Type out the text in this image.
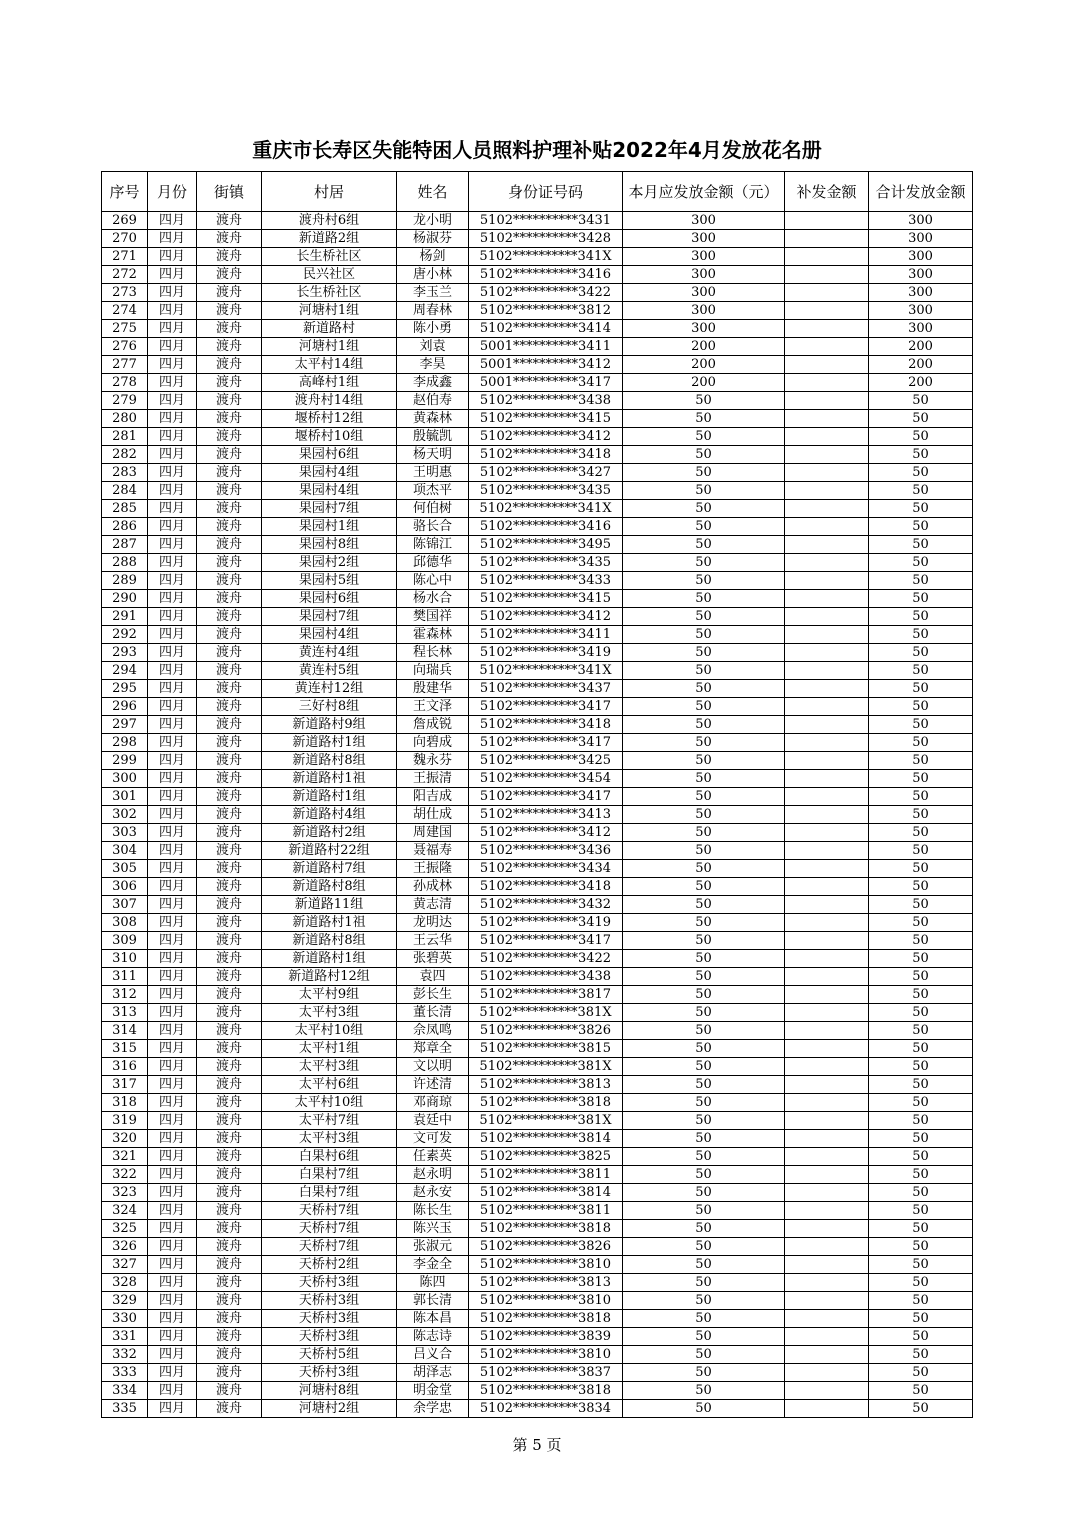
重庆市长寿区失能特困人员照料护理补贴2022年4月发放花名册
序号	月份	街镇	村居	姓名	身份证号码	本月应发放金额（元）	补发金额	合计发放金额
269	四月	渡舟	渡舟村6组	龙小明	5102**********3431	300		300
270	四月	渡舟	新道路2组	杨淑芬	5102**********3428	300		300
271	四月	渡舟	长生桥社区	杨剑	5102**********341X	300		300
272	四月	渡舟	民兴社区	唐小林	5102**********3416	300		300
273	四月	渡舟	长生桥社区	李玉兰	5102**********3422	300		300
274	四月	渡舟	河塘村1组	周春林	5102**********3812	300		300
275	四月	渡舟	新道路村	陈小勇	5102**********3414	300		300
276	四月	渡舟	河塘村1组	刘袁	5001**********3411	200		200
277	四月	渡舟	太平村14组	李昊	5001**********3412	200		200
278	四月	渡舟	高峰村1组	李成鑫	5001**********3417	200		200
279	四月	渡舟	渡舟村14组	赵伯寿	5102**********3438	50		50
280	四月	渡舟	堰桥村12组	黄森林	5102**********3415	50		50
281	四月	渡舟	堰桥村10组	殷毓凯	5102**********3412	50		50
282	四月	渡舟	果园村6组	杨天明	5102**********3418	50		50
283	四月	渡舟	果园村4组	王明惠	5102**********3427	50		50
284	四月	渡舟	果园村4组	项杰平	5102**********3435	50		50
285	四月	渡舟	果园村7组	何伯树	5102**********341X	50		50
286	四月	渡舟	果园村1组	骆长合	5102**********3416	50		50
287	四月	渡舟	果园村8组	陈锦江	5102**********3495	50		50
288	四月	渡舟	果园村2组	邱德华	5102**********3435	50		50
289	四月	渡舟	果园村5组	陈心中	5102**********3433	50		50
290	四月	渡舟	果园村6组	杨水合	5102**********3415	50		50
291	四月	渡舟	果园村7组	樊国祥	5102**********3412	50		50
292	四月	渡舟	果园村4组	霍森林	5102**********3411	50		50
293	四月	渡舟	黄连村4组	程长林	5102**********3419	50		50
294	四月	渡舟	黄连村5组	向瑞兵	5102**********341X	50		50
295	四月	渡舟	黄连村12组	殷建华	5102**********3437	50		50
296	四月	渡舟	三好村8组	王文泽	5102**********3417	50		50
297	四月	渡舟	新道路村9组	詹成锐	5102**********3418	50		50
298	四月	渡舟	新道路村1组	向碧成	5102**********3417	50		50
299	四月	渡舟	新道路村8组	魏永芬	5102**********3425	50		50
300	四月	渡舟	新道路村1祖	王振清	5102**********3454	50		50
301	四月	渡舟	新道路村1组	阳吉成	5102**********3417	50		50
302	四月	渡舟	新道路村4组	胡仕成	5102**********3413	50		50
303	四月	渡舟	新道路村2组	周建国	5102**********3412	50		50
304	四月	渡舟	新道路村22组	聂福寿	5102**********3436	50		50
305	四月	渡舟	新道路村7组	王振隆	5102**********3434	50		50
306	四月	渡舟	新道路村8组	孙成林	5102**********3418	50		50
307	四月	渡舟	新道路11组	黄志清	5102**********3432	50		50
308	四月	渡舟	新道路村1祖	龙明达	5102**********3419	50		50
309	四月	渡舟	新道路村8组	王云华	5102**********3417	50		50
310	四月	渡舟	新道路村1组	张碧英	5102**********3422	50		50
311	四月	渡舟	新道路村12组	袁四	5102**********3438	50		50
312	四月	渡舟	太平村9组	彭长生	5102**********3817	50		50
313	四月	渡舟	太平村3组	董长清	5102**********381X	50		50
314	四月	渡舟	太平村10组	佘凤鸣	5102**********3826	50		50
315	四月	渡舟	太平村1组	郑章全	5102**********3815	50		50
316	四月	渡舟	太平村3组	文以明	5102**********381X	50		50
317	四月	渡舟	太平村6组	许述清	5102**********3813	50		50
318	四月	渡舟	太平村10组	邓商琼	5102**********3818	50		50
319	四月	渡舟	太平村7组	袁廷中	5102**********381X	50		50
320	四月	渡舟	太平村3组	文可发	5102**********3814	50		50
321	四月	渡舟	白果村6组	任素英	5102**********3825	50		50
322	四月	渡舟	白果村7组	赵永明	5102**********3811	50		50
323	四月	渡舟	白果村7组	赵永安	5102**********3814	50		50
324	四月	渡舟	天桥村7组	陈长生	5102**********3811	50		50
325	四月	渡舟	天桥村7组	陈兴玉	5102**********3818	50		50
326	四月	渡舟	天桥村7组	张淑元	5102**********3826	50		50
327	四月	渡舟	天桥村2组	李金全	5102**********3810	50		50
328	四月	渡舟	天桥村3组	陈四	5102**********3813	50		50
329	四月	渡舟	天桥村3组	郭长清	5102**********3810	50		50
330	四月	渡舟	天桥村3组	陈本昌	5102**********3818	50		50
331	四月	渡舟	天桥村3组	陈志诗	5102**********3839	50		50
332	四月	渡舟	天桥村5组	吕义合	5102**********3810	50		50
333	四月	渡舟	天桥村3组	胡泽志	5102**********3837	50		50
334	四月	渡舟	河塘村8组	明金堂	5102**********3818	50		50
335	四月	渡舟	河塘村2组	余学忠	5102**********3834	50		50
第 5 页
